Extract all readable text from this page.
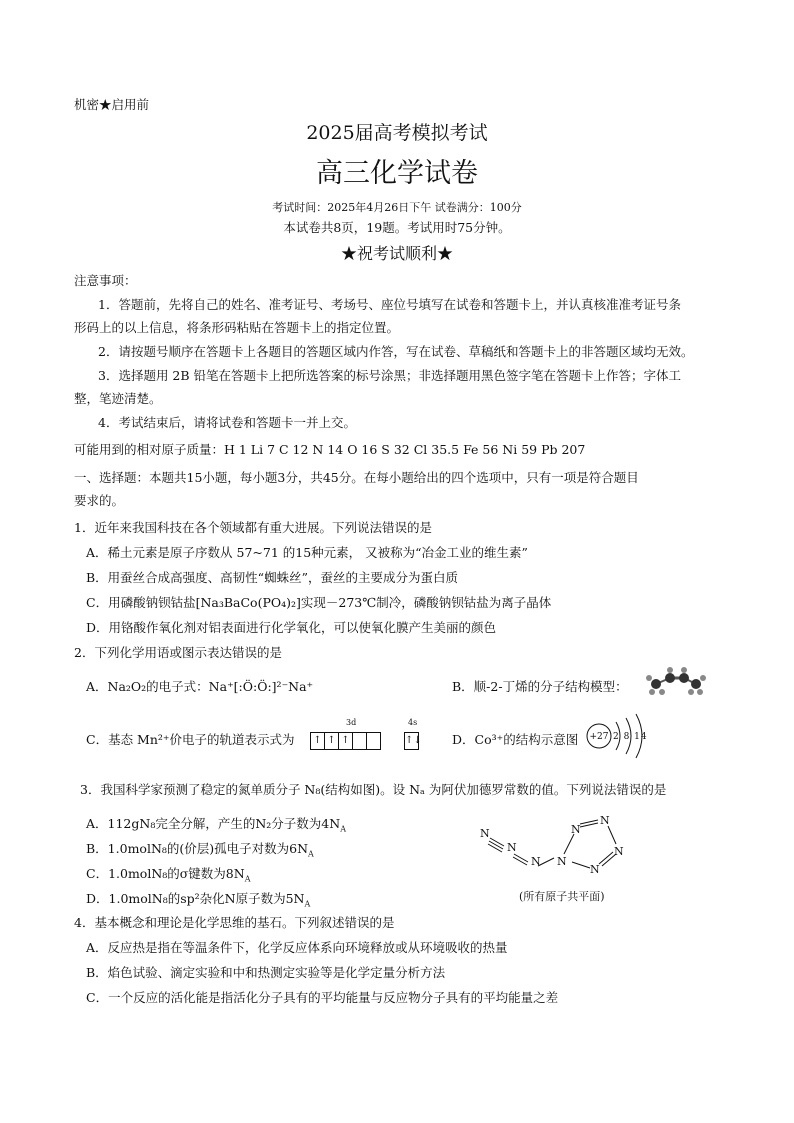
机密★启用前
2025届高考模拟考试
高三化学试卷
考试时间：2025年4月26日下午 试卷满分：100分
本试卷共8页，19题。考试用时75分钟。
★祝考试顺利★
注意事项：
1．答题前，先将自己的姓名、准考证号、考场号、座位号填写在试卷和答题卡上，并认真核准准考证号条
形码上的以上信息，将条形码粘贴在答题卡上的指定位置。
2．请按题号顺序在答题卡上各题目的答题区域内作答，写在试卷、草稿纸和答题卡上的非答题区域均无效。
3．选择题用 2B 铅笔在答题卡上把所选答案的标号涂黑；非选择题用黑色签字笔在答题卡上作答；字体工
整，笔迹清楚。
4．考试结束后，请将试卷和答题卡一并上交。
可能用到的相对原子质量：H 1 Li 7 C 12 N 14 O 16 S 32 Cl 35.5 Fe 56 Ni 59 Pb 207
一、选择题：本题共15小题，每小题3分，共45分。在每小题给出的四个选项中，只有一项是符合题目
要求的。
1．近年来我国科技在各个领域都有重大进展。下列说法错误的是
A．稀土元素是原子序数从 57~71 的15种元素， 又被称为“冶金工业的维生素”
B．用蚕丝合成高强度、高韧性“蜘蛛丝”，蚕丝的主要成分为蛋白质
C．用磷酸钠钡钴盐[Na₃BaCo(PO₄)₂]实现－273℃制冷，磷酸钠钡钴盐为离子晶体
D．用铬酸作氧化剂对铝表面进行化学氧化，可以使氧化膜产生美丽的颜色
2．下列化学用语或图示表达错误的是
A．Na₂O₂的电子式：Na⁺[:Ö:Ö:]²⁻Na⁺	B．顺-2-丁烯的分子结构模型：
C．基态 Mn²⁺价电子的轨道表示式为
3d	4s
↑ ↑ ↑	↑↓ D．Co³⁺的结构示意图	+27 2 8 14
3．我国科学家预测了稳定的氮单质分子 N₈(结构如图)。设 Nₐ 为阿伏加德罗常数的值。下列说法错误的是
A．112gN₈完全分解，产生的N₂分子数为$4N_A$
B．1.0molN₈的(价层)孤电子对数为$6N_A$
C．1.0molN₈的σ键数为$8N_A$
D．1.0molN₈的sp²杂化N原子数为$5N_A$
N
N
N N
N
N
N
N
(所有原子共平面)
4．基本概念和理论是化学思维的基石。下列叙述错误的是
A．反应热是指在等温条件下，化学反应体系向环境释放或从环境吸收的热量
B．焰色试验、滴定实验和中和热测定实验等是化学定量分析方法
C．一个反应的活化能是指活化分子具有的平均能量与反应物分子具有的平均能量之差
